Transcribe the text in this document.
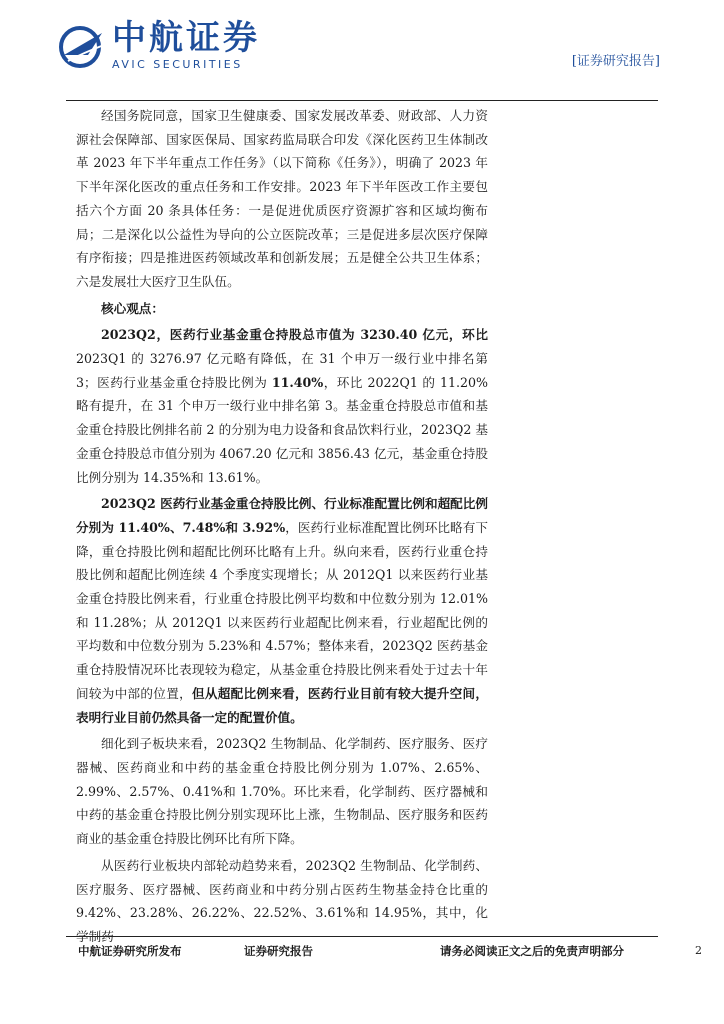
中航证券
AVIC SECURITIES	[证券研究报告]

经国务院同意，国家卫生健康委、国家发展改革委、财政部、人力资源社会保障部、国家医保局、国家药监局联合印发《深化医药卫生体制改革 2023 年下半年重点工作任务》（以下简称《任务》），明确了 2023 年下半年深化医改的重点任务和工作安排。2023 年下半年医改工作主要包括六个方面 20 条具体任务：一是促进优质医疗资源扩容和区域均衡布局；二是深化以公益性为导向的公立医院改革；三是促进多层次医疗保障有序衔接；四是推进医药领域改革和创新发展；五是健全公共卫生体系；六是发展壮大医疗卫生队伍。

核心观点：

2023Q2，医药行业基金重仓持股总市值为 3230.40 亿元，环比2023Q1 的 3276.97 亿元略有降低，在 31 个申万一级行业中排名第 3；医药行业基金重仓持股比例为 11.40%，环比 2022Q1 的 11.20%略有提升，在 31 个申万一级行业中排名第 3。基金重仓持股总市值和基金重仓持股比例排名前 2 的分别为电力设备和食品饮料行业，2023Q2 基金重仓持股总市值分别为 4067.20 亿元和 3856.43 亿元，基金重仓持股比例分别为 14.35%和 13.61%。

2023Q2 医药行业基金重仓持股比例、行业标准配置比例和超配比例分别为 11.40%、7.48%和 3.92%，医药行业标准配置比例环比略有下降，重仓持股比例和超配比例环比略有上升。纵向来看，医药行业重仓持股比例和超配比例连续 4 个季度实现增长；从 2012Q1 以来医药行业基金重仓持股比例来看，行业重仓持股比例平均数和中位数分别为 12.01%和 11.28%；从 2012Q1 以来医药行业超配比例来看，行业超配比例的平均数和中位数分别为 5.23%和 4.57%；整体来看，2023Q2 医药基金重仓持股情况环比表现较为稳定，从基金重仓持股比例来看处于过去十年间较为中部的位置，但从超配比例来看，医药行业目前有较大提升空间，表明行业目前仍然具备一定的配置价值。

细化到子板块来看，2023Q2 生物制品、化学制药、医疗服务、医疗器械、医药商业和中药的基金重仓持股比例分别为 1.07%、2.65%、2.99%、2.57%、0.41%和 1.70%。环比来看，化学制药、医疗器械和中药的基金重仓持股比例分别实现环比上涨，生物制品、医疗服务和医药商业的基金重仓持股比例环比有所下降。

从医药行业板块内部轮动趋势来看，2023Q2 生物制品、化学制药、医疗服务、医疗器械、医药商业和中药分别占医药生物基金持仓比重的 9.42%、23.28%、26.22%、22.52%、3.61%和 14.95%，其中，化学制药

中航证券研究所发布	证券研究报告	请务必阅读正文之后的免责声明部分	2
